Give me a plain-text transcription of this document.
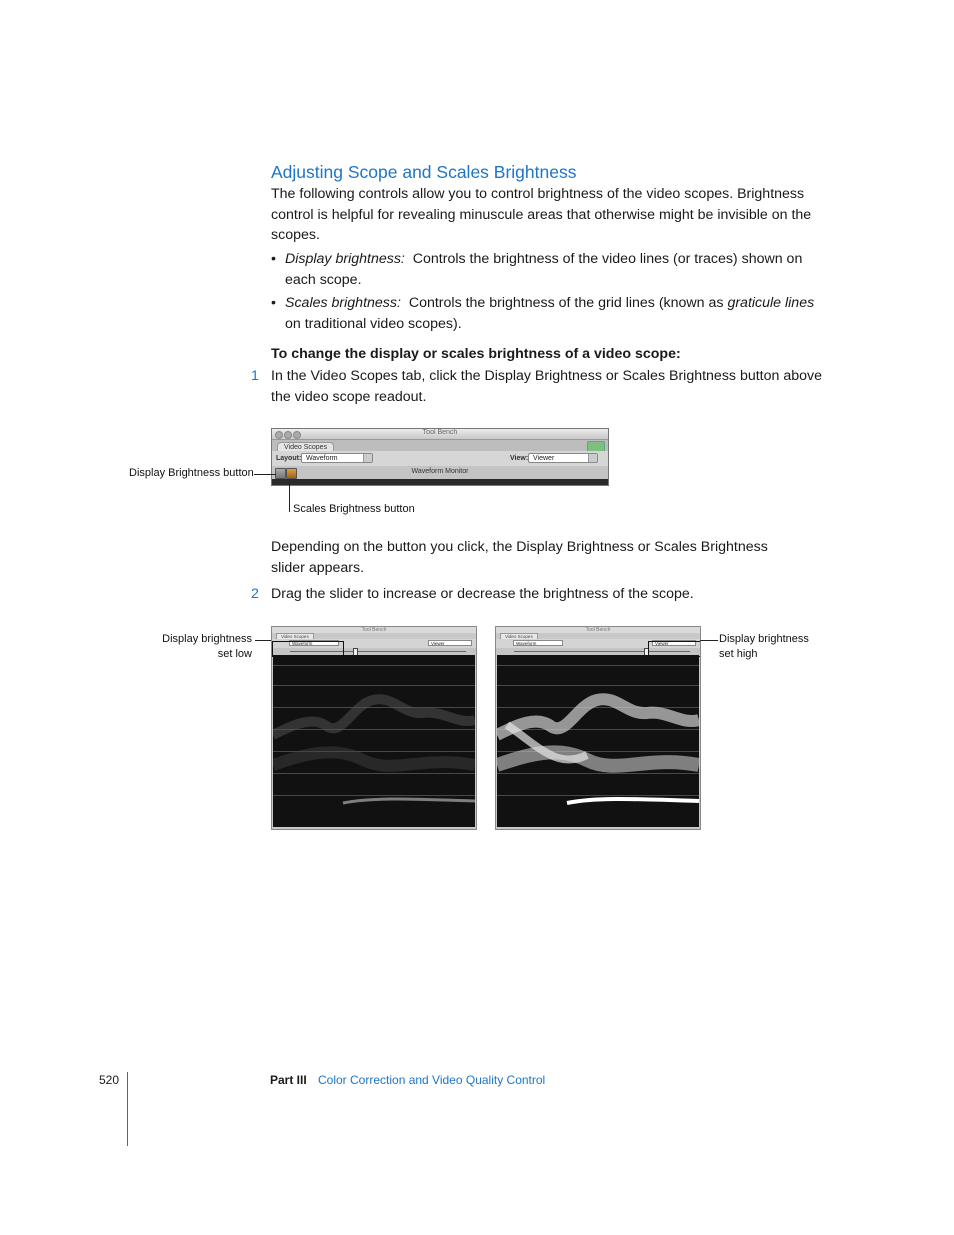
Adjusting Scope and Scales Brightness
The following controls allow you to control brightness of the video scopes. Brightness control is helpful for revealing minuscule areas that otherwise might be invisible on the scopes.
• Display brightness: Controls the brightness of the video lines (or traces) shown on each scope.
• Scales brightness: Controls the brightness of the grid lines (known as graticule lines on traditional video scopes).
To change the display or scales brightness of a video scope:
1 In the Video Scopes tab, click the Display Brightness or Scales Brightness button above the video scope readout.
Tool Bench
Video Scopes
Layout: Waveform	View: Viewer
Waveform Monitor
Display Brightness button
Scales Brightness button
Depending on the button you click, the Display Brightness or Scales Brightness slider appears.
2 Drag the slider to increase or decrease the brightness of the scope.
Display brightness
set low
Tool Bench
Video Scopes
Waveform	Viewer
Tool Bench
Video Scopes
Waveform	Viewer	Display brightness
set high
520	Part III Color Correction and Video Quality Control
